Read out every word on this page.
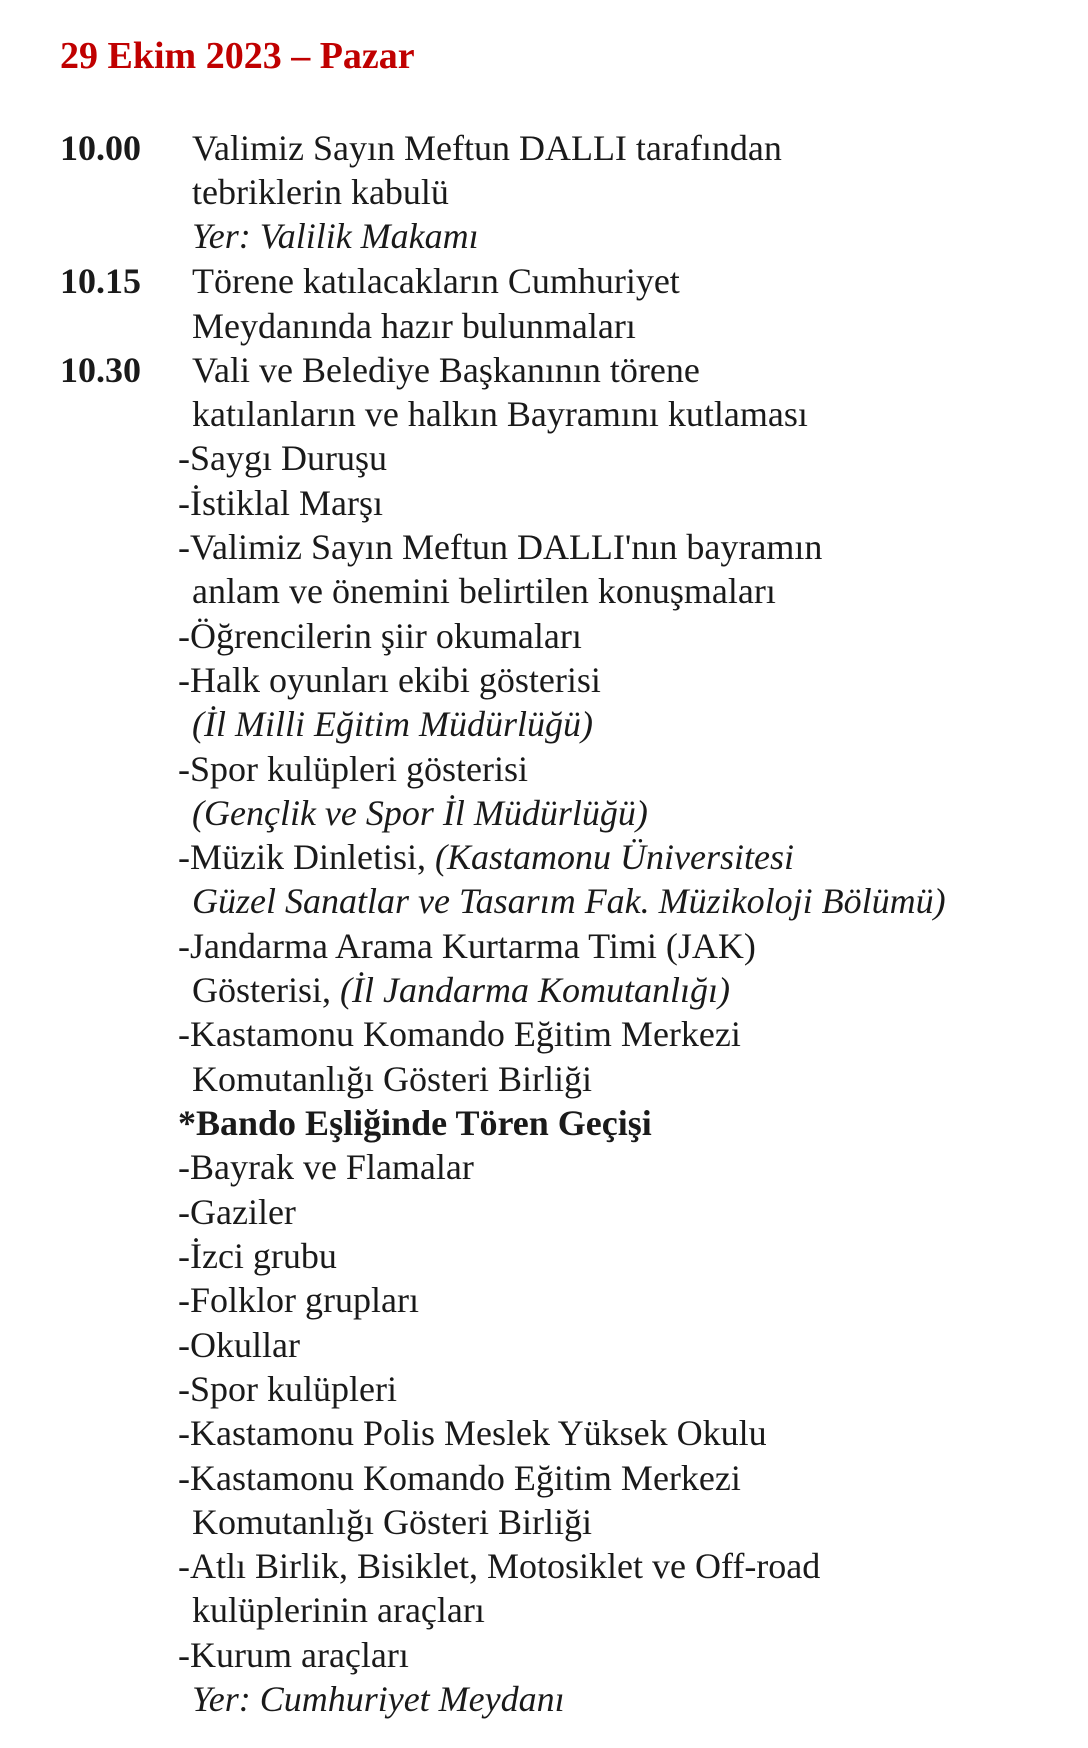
29 Ekim 2023 – Pazar
10.00 Valimiz Sayın Meftun DALLI tarafından
tebriklerin kabulü
Yer: Valilik Makamı
10.15 Törene katılacakların Cumhuriyet
Meydanında hazır bulunmaları
10.30 Vali ve Belediye Başkanının törene
katılanların ve halkın Bayramını kutlaması
-Saygı Duruşu
-İstiklal Marşı
-Valimiz Sayın Meftun DALLI'nın bayramın
anlam ve önemini belirtilen konuşmaları
-Öğrencilerin şiir okumaları
-Halk oyunları ekibi gösterisi
(İl Milli Eğitim Müdürlüğü)
-Spor kulüpleri gösterisi
(Gençlik ve Spor İl Müdürlüğü)
-Müzik Dinletisi, (Kastamonu Üniversitesi
Güzel Sanatlar ve Tasarım Fak. Müzikoloji Bölümü)
-Jandarma Arama Kurtarma Timi (JAK)
Gösterisi, (İl Jandarma Komutanlığı)
-Kastamonu Komando Eğitim Merkezi
Komutanlığı Gösteri Birliği
*Bando Eşliğinde Tören Geçişi
-Bayrak ve Flamalar
-Gaziler
-İzci grubu
-Folklor grupları
-Okullar
-Spor kulüpleri
-Kastamonu Polis Meslek Yüksek Okulu
-Kastamonu Komando Eğitim Merkezi
Komutanlığı Gösteri Birliği
-Atlı Birlik, Bisiklet, Motosiklet ve Off-road
kulüplerinin araçları
-Kurum araçları
Yer: Cumhuriyet Meydanı
